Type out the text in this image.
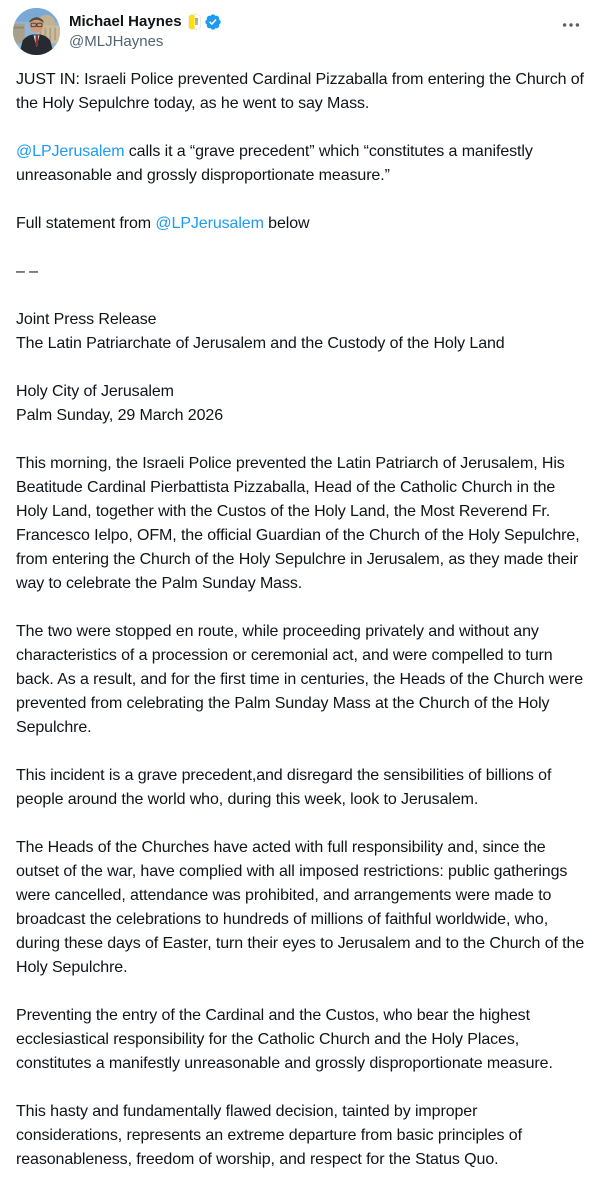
Michael Haynes
@MLJHaynes

JUST IN: Israeli Police prevented Cardinal Pizzaballa from entering the Church of the Holy Sepulchre today, as he went to say Mass.

@LPJerusalem calls it a “grave precedent” which “constitutes a manifestly unreasonable and grossly disproportionate measure.”

Full statement from @LPJerusalem below

– –

Joint Press Release
The Latin Patriarchate of Jerusalem and the Custody of the Holy Land

Holy City of Jerusalem
Palm Sunday, 29 March 2026

This morning, the Israeli Police prevented the Latin Patriarch of Jerusalem, His Beatitude Cardinal Pierbattista Pizzaballa, Head of the Catholic Church in the Holy Land, together with the Custos of the Holy Land, the Most Reverend Fr. Francesco Ielpo, OFM, the official Guardian of the Church of the Holy Sepulchre, from entering the Church of the Holy Sepulchre in Jerusalem, as they made their way to celebrate the Palm Sunday Mass.

The two were stopped en route, while proceeding privately and without any characteristics of a procession or ceremonial act, and were compelled to turn back. As a result, and for the first time in centuries, the Heads of the Church were prevented from celebrating the Palm Sunday Mass at the Church of the Holy Sepulchre.

This incident is a grave precedent,and disregard the sensibilities of billions of people around the world who, during this week, look to Jerusalem.

The Heads of the Churches have acted with full responsibility and, since the outset of the war, have complied with all imposed restrictions: public gatherings were cancelled, attendance was prohibited, and arrangements were made to broadcast the celebrations to hundreds of millions of faithful worldwide, who, during these days of Easter, turn their eyes to Jerusalem and to the Church of the Holy Sepulchre.

Preventing the entry of the Cardinal and the Custos, who bear the highest ecclesiastical responsibility for the Catholic Church and the Holy Places, constitutes a manifestly unreasonable and grossly disproportionate measure.

This hasty and fundamentally flawed decision, tainted by improper considerations, represents an extreme departure from basic principles of reasonableness, freedom of worship, and respect for the Status Quo.
